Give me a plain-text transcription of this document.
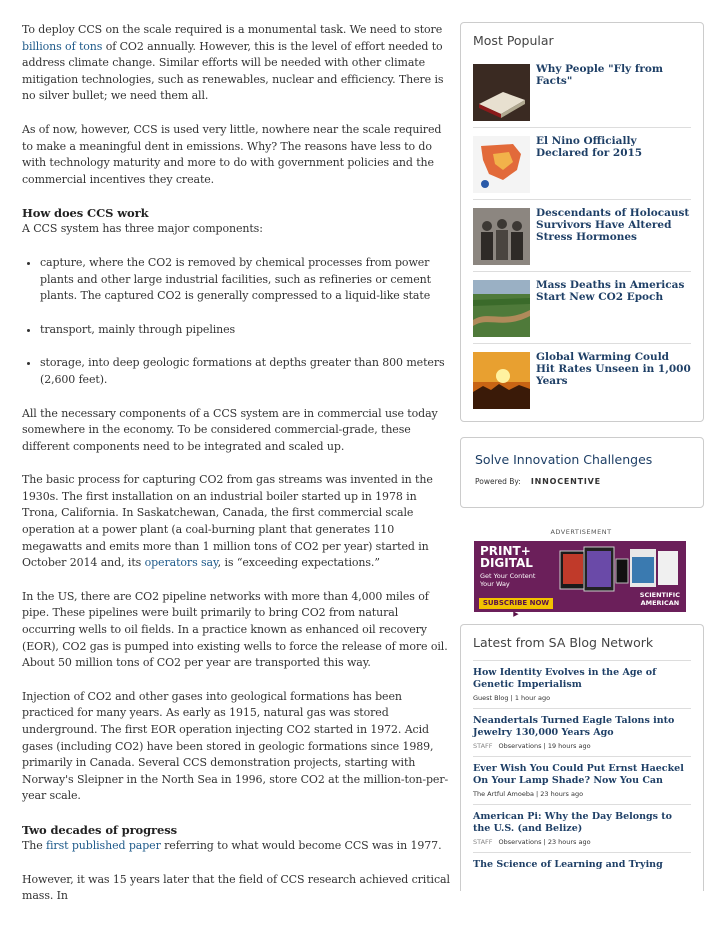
To deploy CCS on the scale required is a monumental task. We need to store billions of tons of CO2 annually. However, this is the level of effort needed to address climate change. Similar efforts will be needed with other climate mitigation technologies, such as renewables, nuclear and efficiency. There is no silver bullet; we need them all.

As of now, however, CCS is used very little, nowhere near the scale required to make a meaningful dent in emissions. Why? The reasons have less to do with technology maturity and more to do with government policies and the commercial incentives they create.

How does CCS work

A CCS system has three major components:

• capture, where the CO2 is removed by chemical processes from power plants and other large industrial facilities, such as refineries or cement plants. The captured CO2 is generally compressed to a liquid-like state
• transport, mainly through pipelines
• storage, into deep geologic formations at depths greater than 800 meters (2,600 feet).

All the necessary components of a CCS system are in commercial use today somewhere in the economy. To be considered commercial-grade, these different components need to be integrated and scaled up.

The basic process for capturing CO2 from gas streams was invented in the 1930s. The first installation on an industrial boiler started up in 1978 in Trona, California. In Saskatchewan, Canada, the first commercial scale operation at a power plant (a coal-burning plant that generates 110 megawatts and emits more than 1 million tons of CO2 per year) started in October 2014 and, its operators say, is “exceeding expectations.”

In the US, there are CO2 pipeline networks with more than 4,000 miles of pipe. These pipelines were built primarily to bring CO2 from natural occurring wells to oil fields. In a practice known as enhanced oil recovery (EOR), CO2 gas is pumped into existing wells to force the release of more oil. About 50 million tons of CO2 per year are transported this way.

Injection of CO2 and other gases into geological formations has been practiced for many years. As early as 1915, natural gas was stored underground. The first EOR operation injecting CO2 started in 1972. Acid gases (including CO2) have been stored in geologic formations since 1989, primarily in Canada. Several CCS demonstration projects, starting with Norway's Sleipner in the North Sea in 1996, store CO2 at the million-ton-per-year scale.

Two decades of progress

The first published paper referring to what would become CCS was in 1977.

However, it was 15 years later that the field of CCS research achieved critical mass. In

Most Popular
Why People "Fly from Facts"
El Nino Officially Declared for 2015
Descendants of Holocaust Survivors Have Altered Stress Hormones
Mass Deaths in Americas Start New CO2 Epoch
Global Warming Could Hit Rates Unseen in 1,000 Years
Solve Innovation Challenges
Powered By: INNOCENTIVE
ADVERTISEMENT
PRINT+
DIGITAL
Get Your Content Your Way
SUBSCRIBE NOW ▶
SCIENTIFIC
AMERICAN
Latest from SA Blog Network
How Identity Evolves in the Age of Genetic Imperialism
Guest Blog | 1 hour ago
Neandertals Turned Eagle Talons into Jewelry 130,000 Years Ago
STAFF Observations | 19 hours ago
Ever Wish You Could Put Ernst Haeckel On Your Lamp Shade? Now You Can
The Artful Amoeba | 23 hours ago
American Pi: Why the Day Belongs to the U.S. (and Belize)
STAFF Observations | 23 hours ago
The Science of Learning and Trying
